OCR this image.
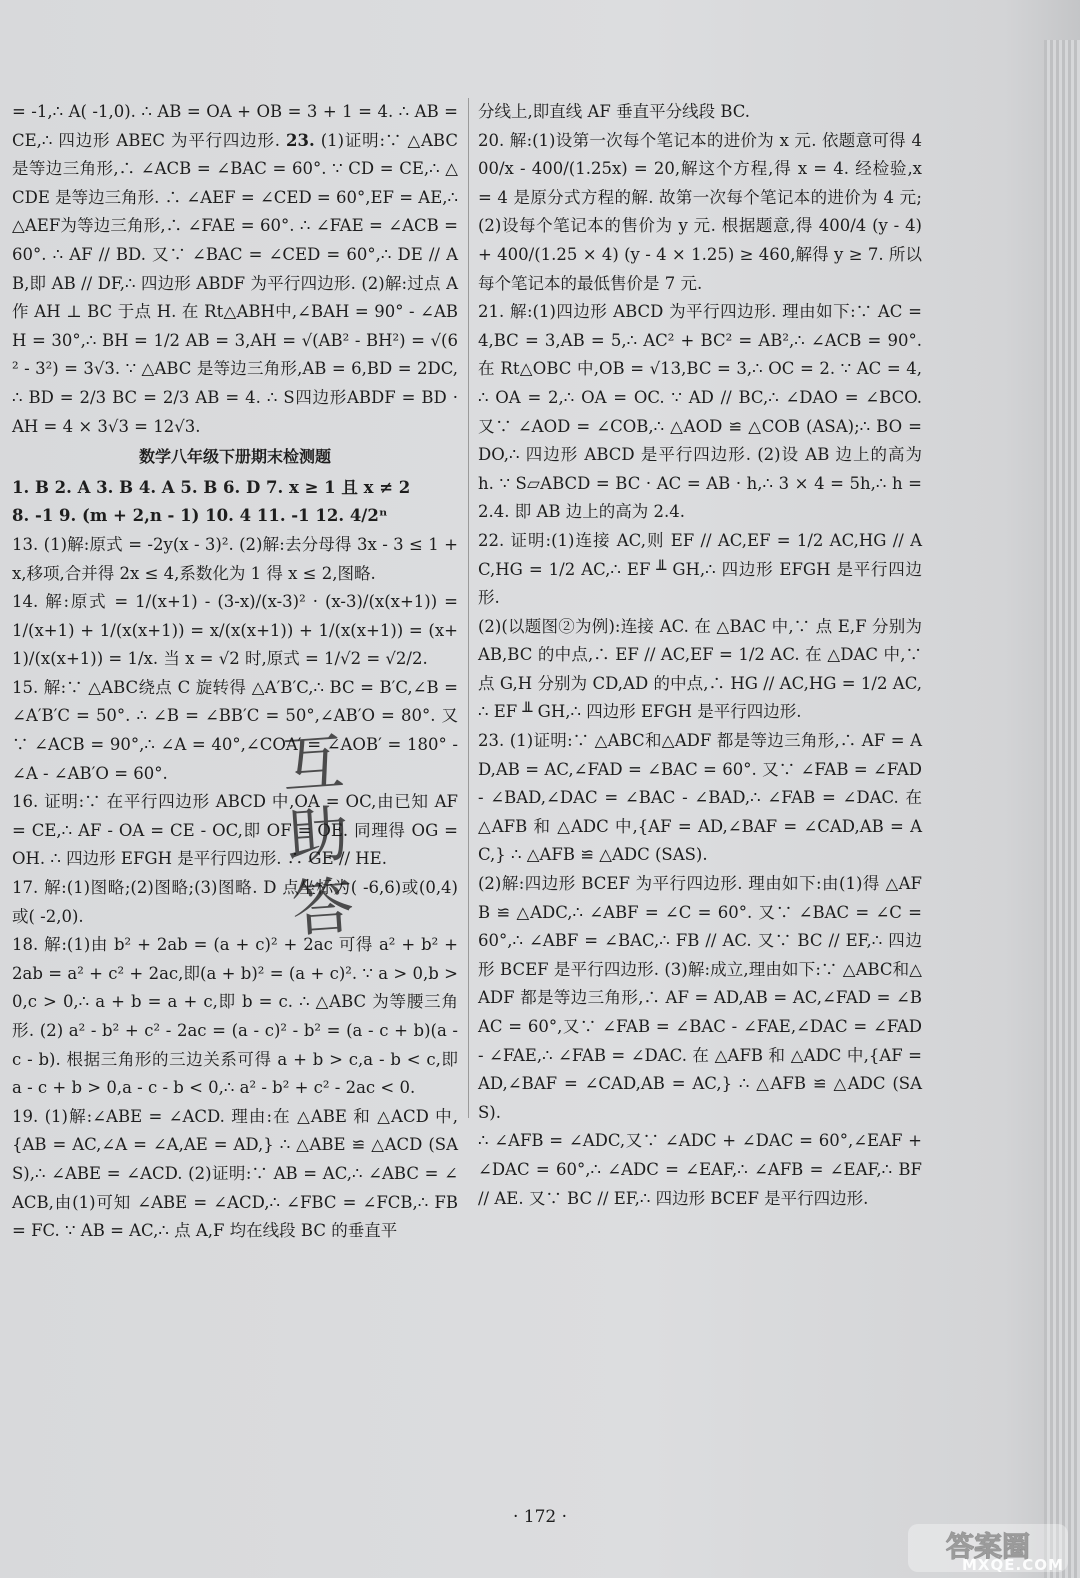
= -1,∴ A( -1,0). ∴ AB = OA + OB = 3 + 1 = 4. ∴ AB = CE,∴ 四边形 ABEC 为平行四边形. 23. (1)证明:∵ △ABC是等边三角形,∴ ∠ACB = ∠BAC = 60°. ∵ CD = CE,∴ △CDE 是等边三角形. ∴ ∠AEF = ∠CED = 60°,EF = AE,∴ △AEF为等边三角形,∴ ∠FAE = 60°. ∴ ∠FAE = ∠ACB = 60°. ∴ AF // BD. 又∵ ∠BAC = ∠CED = 60°,∴ DE // AB,即 AB // DF,∴ 四边形 ABDF 为平行四边形. (2)解:过点 A 作 AH ⊥ BC 于点 H. 在 Rt△ABH中,∠BAH = 90° - ∠ABH = 30°,∴ BH = 1/2 AB = 3,AH = √(AB² - BH²) = √(6² - 3²) = 3√3. ∵ △ABC 是等边三角形,AB = 6,BD = 2DC,∴ BD = 2/3 BC = 2/3 AB = 4. ∴ S四边形ABDF = BD · AH = 4 × 3√3 = 12√3.

数学八年级下册期末检测题

1. B 2. A 3. B 4. A 5. B 6. D 7. x ≥ 1 且 x ≠ 2

8. -1 9. (m + 2,n - 1) 10. 4 11. -1 12. 4/2ⁿ

13. (1)解:原式 = -2y(x - 3)². (2)解:去分母得 3x - 3 ≤ 1 + x,移项,合并得 2x ≤ 4,系数化为 1 得 x ≤ 2,图略.

14. 解:原式 = 1/(x+1) - (3-x)/(x-3)² · (x-3)/(x(x+1)) = 1/(x+1) + 1/(x(x+1)) = x/(x(x+1)) + 1/(x(x+1)) = (x+1)/(x(x+1)) = 1/x. 当 x = √2 时,原式 = 1/√2 = √2/2.

15. 解:∵ △ABC绕点 C 旋转得 △A′B′C,∴ BC = B′C,∠B = ∠A′B′C = 50°. ∴ ∠B = ∠BB′C = 50°,∠AB′O = 80°. 又∵ ∠ACB = 90°,∴ ∠A = 40°,∠COA′ = ∠AOB′ = 180° - ∠A - ∠AB′O = 60°.

16. 证明:∵ 在平行四边形 ABCD 中,OA = OC,由已知 AF = CE,∴ AF - OA = CE - OC,即 OF = OE. 同理得 OG = OH. ∴ 四边形 EFGH 是平行四边形. ∴ GE // HE.

17. 解:(1)图略;(2)图略;(3)图略. D 点坐标为( -6,6)或(0,4)或( -2,0).

18. 解:(1)由 b² + 2ab = (a + c)² + 2ac 可得 a² + b² + 2ab = a² + c² + 2ac,即(a + b)² = (a + c)². ∵ a > 0,b > 0,c > 0,∴ a + b = a + c,即 b = c. ∴ △ABC 为等腰三角形. (2) a² - b² + c² - 2ac = (a - c)² - b² = (a - c + b)(a - c - b). 根据三角形的三边关系可得 a + b > c,a - b < c,即 a - c + b > 0,a - c - b < 0,∴ a² - b² + c² - 2ac < 0.

19. (1)解:∠ABE = ∠ACD. 理由:在 △ABE 和 △ACD 中,{AB = AC,∠A = ∠A,AE = AD,} ∴ △ABE ≌ △ACD (SAS),∴ ∠ABE = ∠ACD. (2)证明:∵ AB = AC,∴ ∠ABC = ∠ACB,由(1)可知 ∠ABE = ∠ACD,∴ ∠FBC = ∠FCB,∴ FB = FC. ∵ AB = AC,∴ 点 A,F 均在线段 BC 的垂直平

分线上,即直线 AF 垂直平分线段 BC.

20. 解:(1)设第一次每个笔记本的进价为 x 元. 依题意可得 400/x - 400/(1.25x) = 20,解这个方程,得 x = 4. 经检验,x = 4 是原分式方程的解. 故第一次每个笔记本的进价为 4 元;(2)设每个笔记本的售价为 y 元. 根据题意,得 400/4 (y - 4) + 400/(1.25 × 4) (y - 4 × 1.25) ≥ 460,解得 y ≥ 7. 所以每个笔记本的最低售价是 7 元.

21. 解:(1)四边形 ABCD 为平行四边形. 理由如下:∵ AC = 4,BC = 3,AB = 5,∴ AC² + BC² = AB²,∴ ∠ACB = 90°. 在 Rt△OBC 中,OB = √13,BC = 3,∴ OC = 2. ∵ AC = 4,∴ OA = 2,∴ OA = OC. ∵ AD // BC,∴ ∠DAO = ∠BCO. 又∵ ∠AOD = ∠COB,∴ △AOD ≌ △COB (ASA);∴ BO = DO,∴ 四边形 ABCD 是平行四边形. (2)设 AB 边上的高为 h. ∵ S▱ABCD = BC · AC = AB · h,∴ 3 × 4 = 5h,∴ h = 2.4. 即 AB 边上的高为 2.4.

22. 证明:(1)连接 AC,则 EF // AC,EF = 1/2 AC,HG // AC,HG = 1/2 AC,∴ EF ╨ GH,∴ 四边形 EFGH 是平行四边形.

(2)(以题图②为例):连接 AC. 在 △BAC 中,∵ 点 E,F 分别为 AB,BC 的中点,∴ EF // AC,EF = 1/2 AC. 在 △DAC 中,∵ 点 G,H 分别为 CD,AD 的中点,∴ HG // AC,HG = 1/2 AC,∴ EF ╨ GH,∴ 四边形 EFGH 是平行四边形.

23. (1)证明:∵ △ABC和△ADF 都是等边三角形,∴ AF = AD,AB = AC,∠FAD = ∠BAC = 60°. 又∵ ∠FAB = ∠FAD - ∠BAD,∠DAC = ∠BAC - ∠BAD,∴ ∠FAB = ∠DAC. 在 △AFB 和 △ADC 中,{AF = AD,∠BAF = ∠CAD,AB = AC,} ∴ △AFB ≌ △ADC (SAS).

(2)解:四边形 BCEF 为平行四边形. 理由如下:由(1)得 △AFB ≌ △ADC,∴ ∠ABF = ∠C = 60°. 又∵ ∠BAC = ∠C = 60°,∴ ∠ABF = ∠BAC,∴ FB // AC. 又∵ BC // EF,∴ 四边形 BCEF 是平行四边形. (3)解:成立,理由如下:∵ △ABC和△ADF 都是等边三角形,∴ AF = AD,AB = AC,∠FAD = ∠BAC = 60°,又∵ ∠FAB = ∠BAC - ∠FAE,∠DAC = ∠FAD - ∠FAE,∴ ∠FAB = ∠DAC. 在 △AFB 和 △ADC 中,{AF = AD,∠BAF = ∠CAD,AB = AC,} ∴ △AFB ≌ △ADC (SAS).

∴ ∠AFB = ∠ADC,又∵ ∠ADC + ∠DAC = 60°,∠EAF + ∠DAC = 60°,∴ ∠ADC = ∠EAF,∴ ∠AFB = ∠EAF,∴ BF // AE. 又∵ BC // EF,∴ 四边形 BCEF 是平行四边形.

互助答
· 172 ·
答案圈
MXQE.COM
